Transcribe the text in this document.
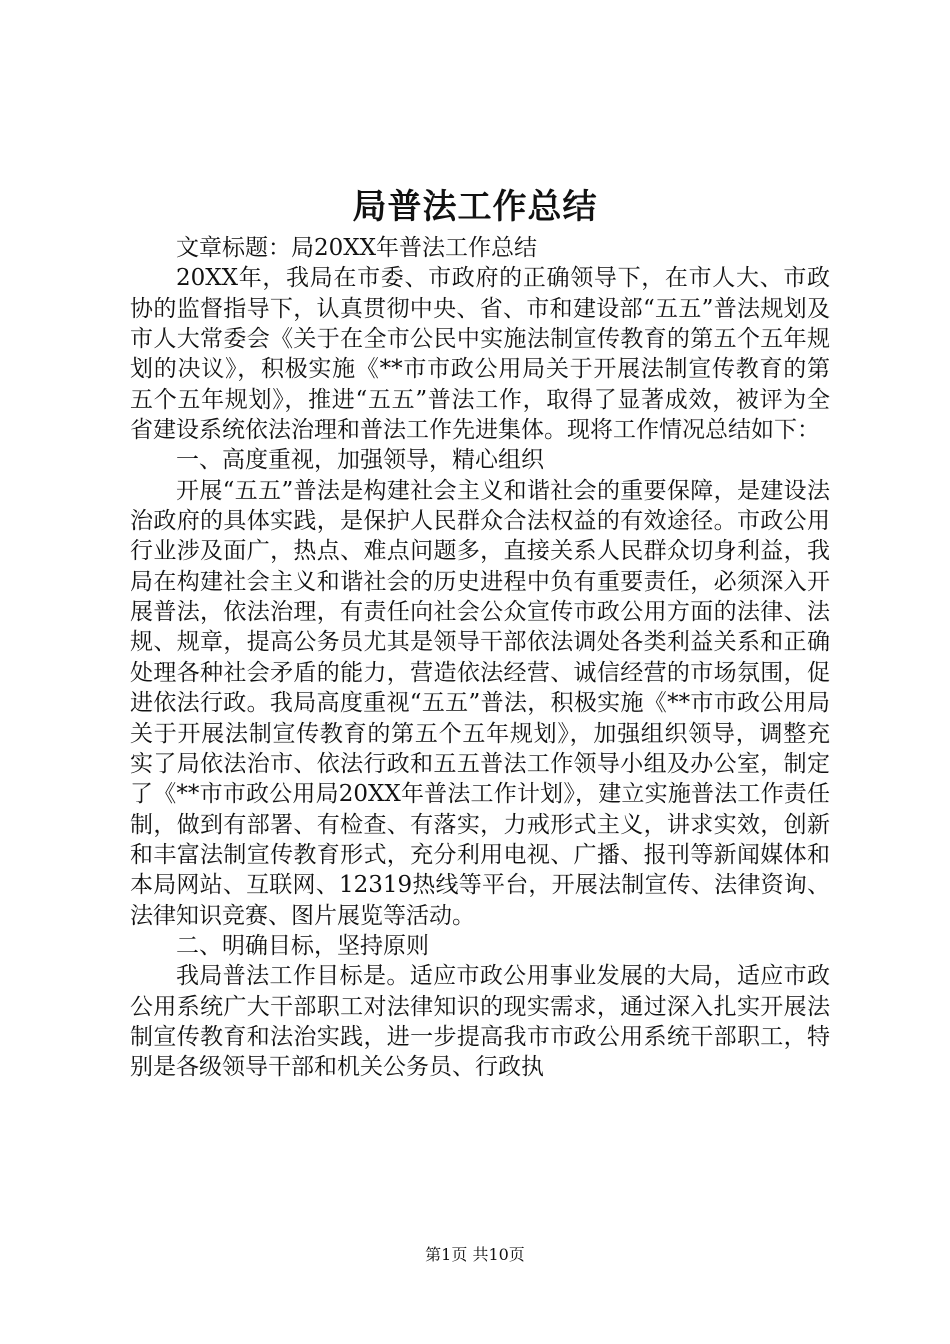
局普法工作总结

文章标题：局20XX年普法工作总结

20XX年，我局在市委、市政府的正确领导下，在市人大、市政协的监督指导下，认真贯彻中央、省、市和建设部“五五”普法规划及市人大常委会《关于在全市公民中实施法制宣传教育的第五个五年规划的决议》，积极实施《**市市政公用局关于开展法制宣传教育的第五个五年规划》，推进“五五”普法工作，取得了显著成效，被评为全省建设系统依法治理和普法工作先进集体。现将工作情况总结如下：

一、高度重视，加强领导，精心组织

开展“五五”普法是构建社会主义和谐社会的重要保障，是建设法治政府的具体实践，是保护人民群众合法权益的有效途径。市政公用行业涉及面广，热点、难点问题多，直接关系人民群众切身利益，我局在构建社会主义和谐社会的历史进程中负有重要责任，必须深入开展普法，依法治理，有责任向社会公众宣传市政公用方面的法律、法规、规章，提高公务员尤其是领导干部依法调处各类利益关系和正确处理各种社会矛盾的能力，营造依法经营、诚信经营的市场氛围，促进依法行政。我局高度重视“五五”普法，积极实施《**市市政公用局关于开展法制宣传教育的第五个五年规划》，加强组织领导，调整充实了局依法治市、依法行政和五五普法工作领导小组及办公室，制定了《**市市政公用局20XX年普法工作计划》，建立实施普法工作责任制，做到有部署、有检查、有落实，力戒形式主义，讲求实效，创新和丰富法制宣传教育形式，充分利用电视、广播、报刊等新闻媒体和本局网站、互联网、12319热线等平台，开展法制宣传、法律资询、法律知识竞赛、图片展览等活动。

二、明确目标，坚持原则

我局普法工作目标是。适应市政公用事业发展的大局，适应市政公用系统广大干部职工对法律知识的现实需求，通过深入扎实开展法制宣传教育和法治实践，进一步提高我市市政公用系统干部职工，特别是各级领导干部和机关公务员、行政执

第1页 共10页
